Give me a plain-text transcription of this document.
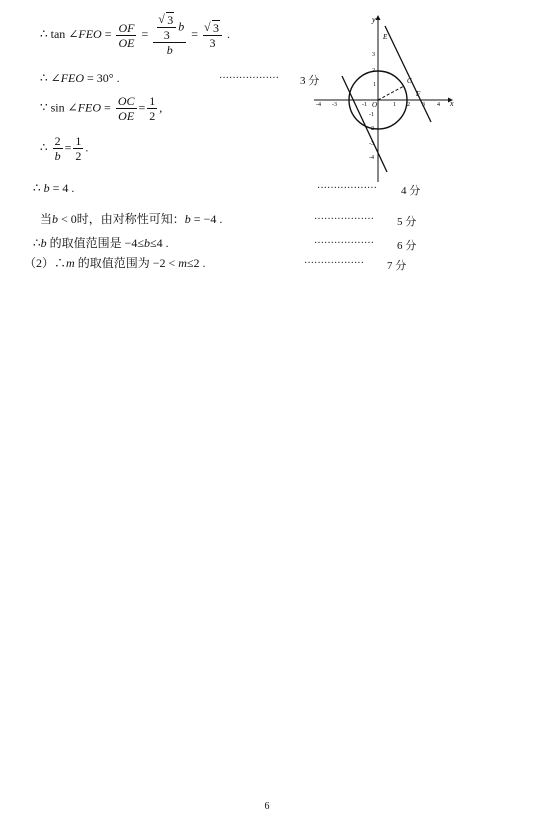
∴ tan ∠FEO = $\frac{OF}{OE}$ = √ $\frac{\frac{3}{3} b}{b}$ = √ $\frac{3}{3}$ .
∴ ∠FEO = 30° .	·················· 3 分
∵ sin ∠FEO = $\frac{OC}{OE} = \frac{1}{2}$ ,
∴ $\frac{2}{b} = \frac{1}{2}$ .
∴ b = 4 .	·················· 4 分
当b < 0时，由对称性可知：b = −4 .	·················· 5 分
∴b 的取值范围是 −4≤b≤4 .	·················· 6 分
（2）∴m 的取值范围为 −2 < m≤2 .	·················· 7 分
x
y
O
E
C
F
-4 -3	-1	1 2 3 4
3
2
1
-1
-2
-3
-4
6
